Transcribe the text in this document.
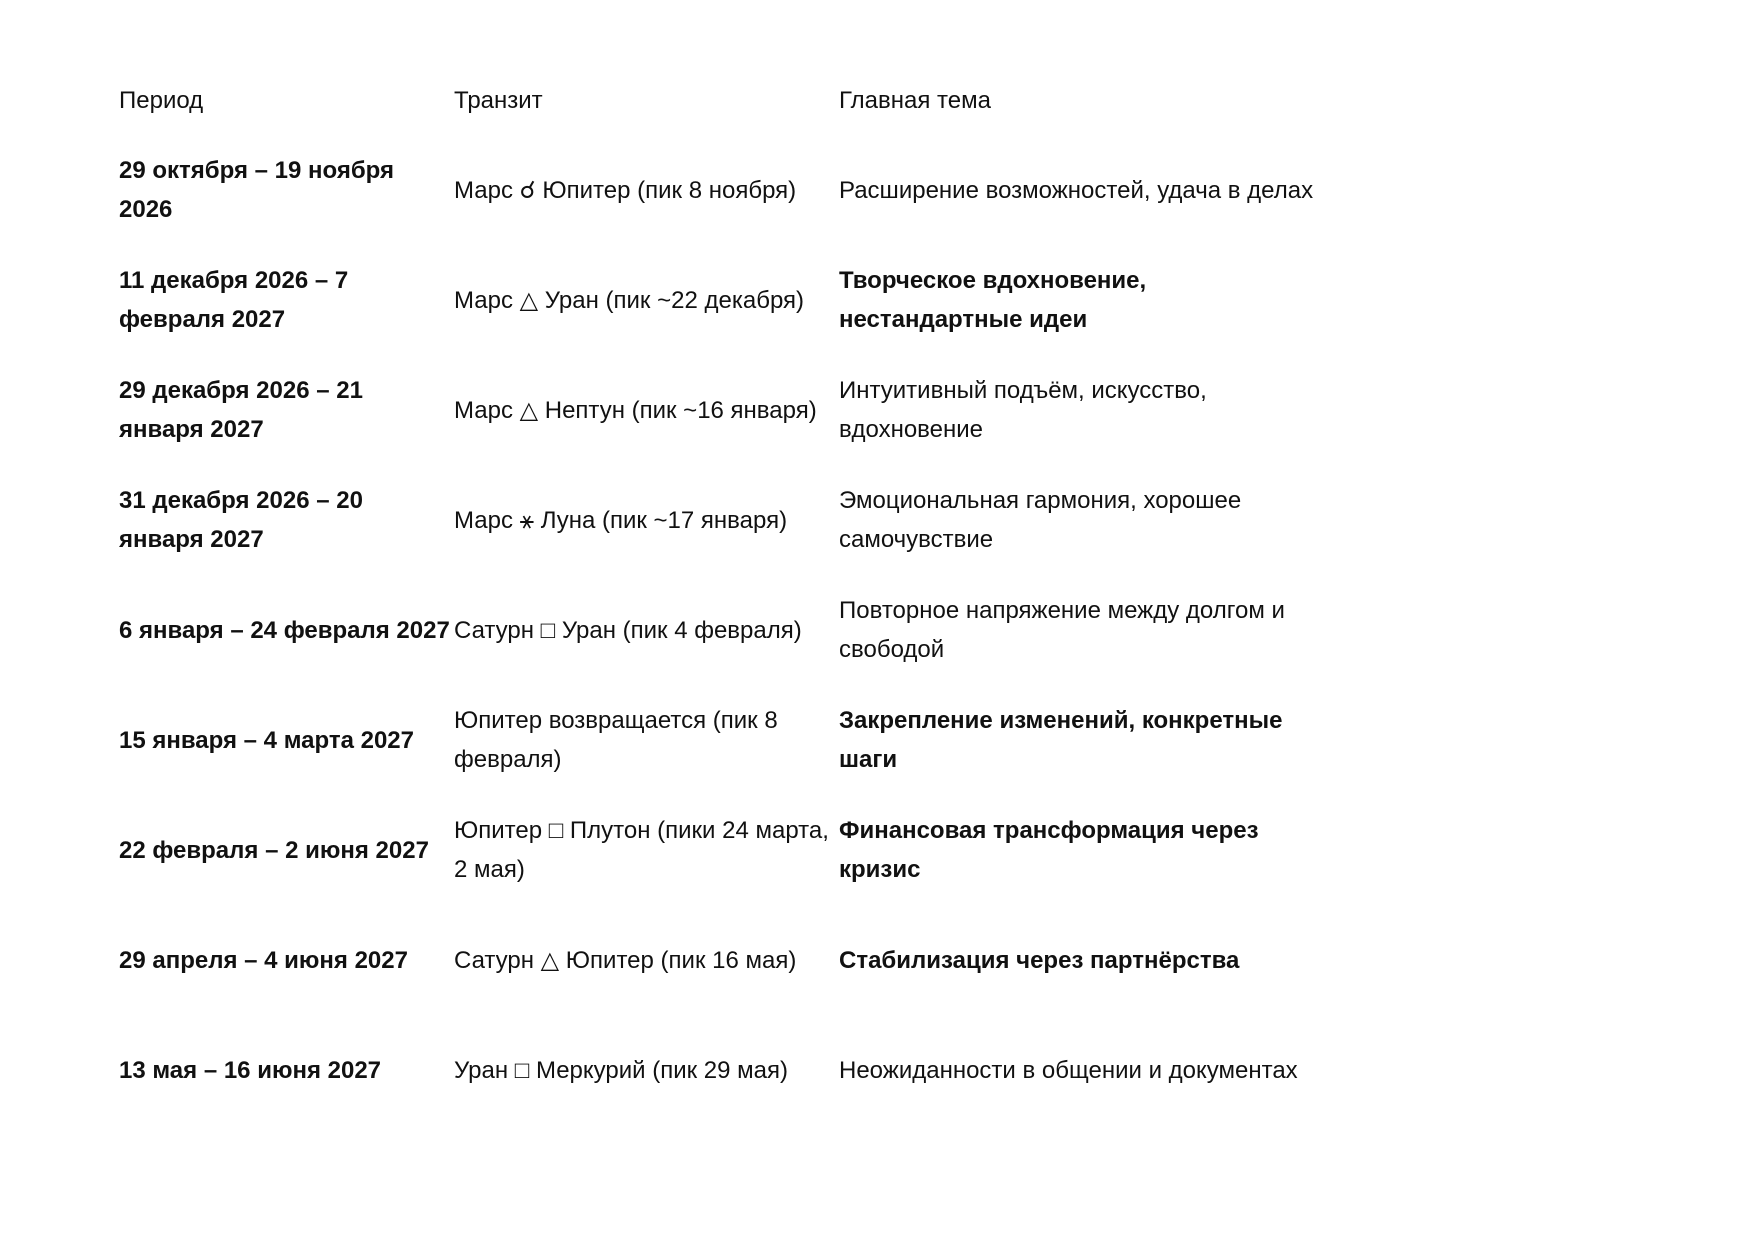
Период	Транзит	Главная тема
29 октября – 19 ноября 2026	Марс ☌ Юпитер (пик 8 ноября)	Расширение возможностей, удача в делах
11 декабря 2026 – 7 февраля 2027	Марс △ Уран (пик ~22 декабря)	Творческое вдохновение, нестандартные идеи
29 декабря 2026 – 21 января 2027	Марс △ Нептун (пик ~16 января)	Интуитивный подъём, искусство, вдохновение
31 декабря 2026 – 20 января 2027	Марс ⚹ Луна (пик ~17 января)	Эмоциональная гармония, хорошее самочувствие
6 января – 24 февраля 2027	Сатурн □ Уран (пик 4 февраля)	Повторное напряжение между долгом и свободой
15 января – 4 марта 2027	Юпитер возвращается (пик 8 февраля)	Закрепление изменений, конкретные шаги
22 февраля – 2 июня 2027	Юпитер □ Плутон (пики 24 марта, 2 мая)	Финансовая трансформация через кризис
29 апреля – 4 июня 2027	Сатурн △ Юпитер (пик 16 мая)	Стабилизация через партнёрства
13 мая – 16 июня 2027	Уран □ Меркурий (пик 29 мая)	Неожиданности в общении и документах
